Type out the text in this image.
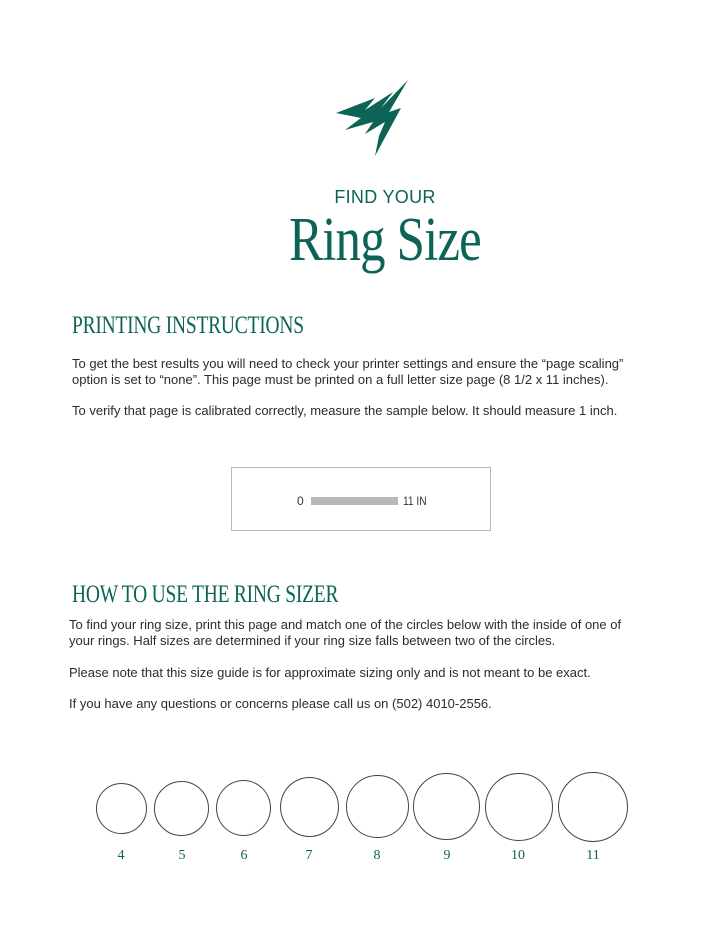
FIND YOUR
Ring Size
PRINTING INSTRUCTIONS
To get the best results you will need to check your printer settings and ensure the “page scaling”
option is set to “none”. This page must be printed on a full letter size page (8 1/2 x 11 inches).
To verify that page is calibrated correctly, measure the sample below. It should measure 1 inch.
0	11 IN
HOW TO USE THE RING SIZER
To find your ring size, print this page and match one of the circles below with the inside of one of
your rings. Half sizes are determined if your ring size falls between two of the circles.
Please note that this size guide is for approximate sizing only and is not meant to be exact.
If you have any questions or concerns please call us on (502) 4010-2556.
4	5	6	7	8	9	10	11
